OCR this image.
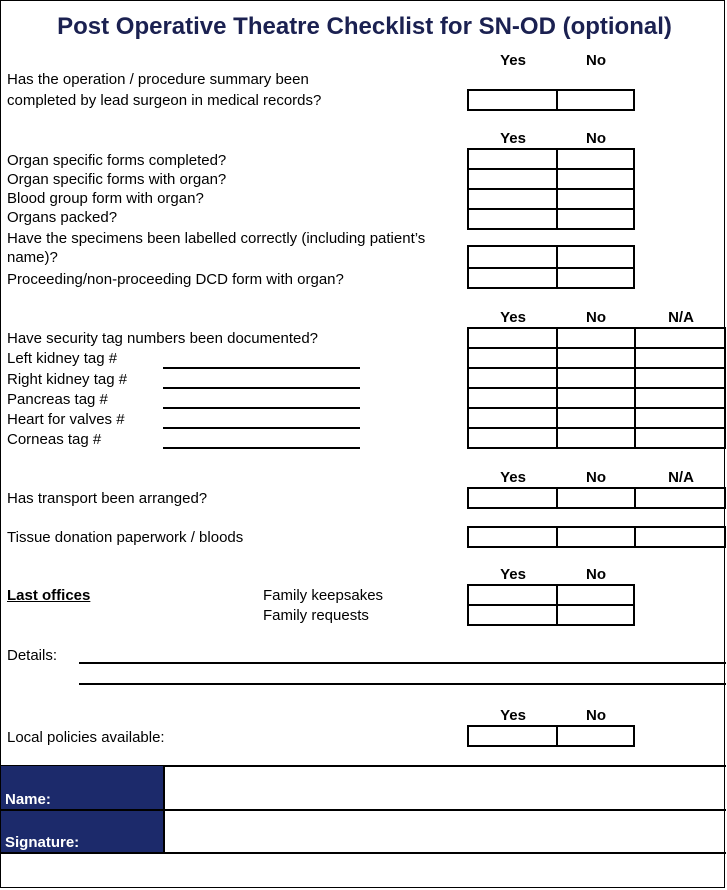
Post Operative Theatre Checklist for SN-OD (optional)
Yes	No
Has the operation / procedure summary been
completed by lead surgeon in medical records?
Yes	No
Organ specific forms completed?
Organ specific forms with organ?
Blood group form with organ?
Organs packed?
Have the specimens been labelled correctly (including patient’s
name)?
Proceeding/non-proceeding DCD form with organ?
Yes	No	N/A
Have security tag numbers been documented?
Left kidney tag #
Right kidney tag #
Pancreas tag #
Heart for valves #
Corneas tag #
Yes	No	N/A
Has transport been arranged?
Tissue donation paperwork / bloods
Yes	No
Last offices	Family keepsakes
Family requests
Details:
Yes	No
Local policies available:
Name:
Signature:
